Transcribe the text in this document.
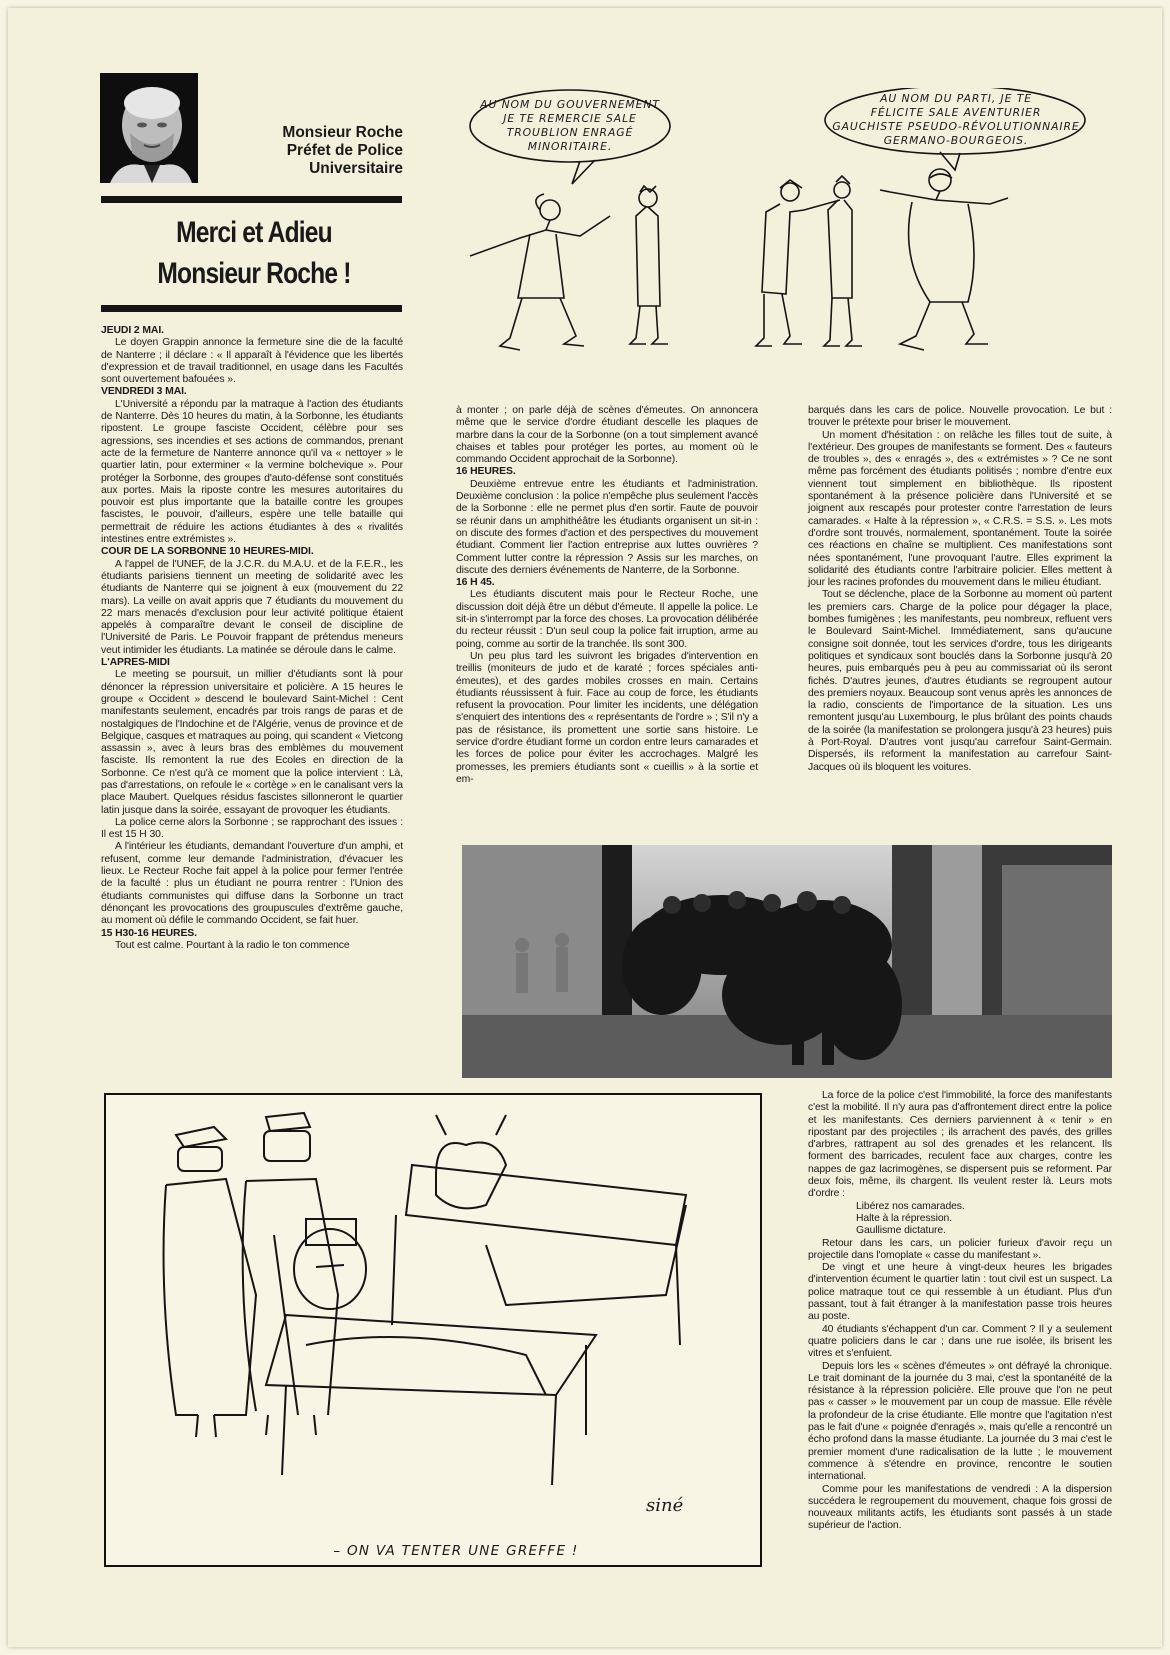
Monsieur Roche
Préfet de Police
Universitaire
Merci et Adieu
Monsieur Roche !

JEUDI 2 MAI.

Le doyen Grappin annonce la fermeture sine die de la faculté de Nanterre ; il déclare : « Il apparaît à l'évidence que les libertés d'expression et de travail traditionnel, en usage dans les Facultés sont ouvertement bafouées ».

VENDREDI 3 MAI.

L'Université a répondu par la matraque à l'action des étudiants de Nanterre. Dès 10 heures du matin, à la Sorbonne, les étudiants ripostent. Le groupe fasciste Occident, célèbre pour ses agressions, ses incendies et ses actions de commandos, prenant acte de la fermeture de Nanterre annonce qu'il va « nettoyer » le quartier latin, pour exterminer « la vermine bolchevique ». Pour protéger la Sorbonne, des groupes d'auto-défense sont constitués aux portes. Mais la riposte contre les mesures autoritaires du pouvoir est plus importante que la bataille contre les groupes fascistes, le pouvoir, d'ailleurs, espère une telle bataille qui permettrait de réduire les actions étudiantes à des « rivalités intestines entre extrémistes ».

COUR DE LA SORBONNE 10 HEURES-MIDI.

A l'appel de l'UNEF, de la J.C.R. du M.A.U. et de la F.E.R., les étudiants parisiens tiennent un meeting de solidarité avec les étudiants de Nanterre qui se joignent à eux (mouvement du 22 mars). La veille on avait appris que 7 étudiants du mouvement du 22 mars menacés d'exclusion pour leur activité politique étaient appelés à comparaître devant le conseil de discipline de l'Université de Paris. Le Pouvoir frappant de prétendus meneurs veut intimider les étudiants. La matinée se déroule dans le calme.

L'APRES-MIDI

Le meeting se poursuit, un millier d'étudiants sont là pour dénoncer la répression universitaire et policière. A 15 heures le groupe « Occident » descend le boulevard Saint-Michel : Cent manifestants seulement, encadrés par trois rangs de paras et de nostalgiques de l'Indochine et de l'Algérie, venus de province et de Belgique, casques et matraques au poing, qui scandent « Vietcong assassin », avec à leurs bras des emblèmes du mouvement fasciste. Ils remontent la rue des Ecoles en direction de la Sorbonne. Ce n'est qu'à ce moment que la police intervient : Là, pas d'arrestations, on refoule le « cortège » en le canalisant vers la place Maubert. Quelques résidus fascistes sillonneront le quartier latin jusque dans la soirée, essayant de provoquer les étudiants.

La police cerne alors la Sorbonne ; se rapprochant des issues : Il est 15 H 30.

A l'intérieur les étudiants, demandant l'ouverture d'un amphi, et refusent, comme leur demande l'administration, d'évacuer les lieux. Le Recteur Roche fait appel à la police pour fermer l'entrée de la faculté : plus un étudiant ne pourra rentrer : l'Union des étudiants communistes qui diffuse dans la Sorbonne un tract dénonçant les provocations des groupuscules d'extrême gauche, au moment où défile le commando Occident, se fait huer.

15 H30-16 HEURES.

Tout est calme. Pourtant à la radio le ton commence

à monter ; on parle déjà de scènes d'émeutes. On annoncera même que le service d'ordre étudiant descelle les plaques de marbre dans la cour de la Sorbonne (on a tout simplement avancé chaises et tables pour protéger les portes, au moment où le commando Occident approchait de la Sorbonne).

16 HEURES.

Deuxième entrevue entre les étudiants et l'administration. Deuxième conclusion : la police n'empêche plus seulement l'accès de la Sorbonne : elle ne permet plus d'en sortir. Faute de pouvoir se réunir dans un amphithéâtre les étudiants organisent un sit-in : on discute des formes d'action et des perspectives du mouvement étudiant. Comment lier l'action entreprise aux luttes ouvrières ? Comment lutter contre la répression ? Assis sur les marches, on discute des derniers événements de Nanterre, de la Sorbonne.

16 H 45.

Les étudiants discutent mais pour le Recteur Roche, une discussion doit déjà être un début d'émeute. Il appelle la police. Le sit-in s'interrompt par la force des choses. La provocation délibérée du recteur réussit : D'un seul coup la police fait irruption, arme au poing, comme au sortir de la tranchée. Ils sont 300.

Un peu plus tard les suivront les brigades d'intervention en treillis (moniteurs de judo et de karaté ; forces spéciales anti-émeutes), et des gardes mobiles crosses en main. Certains étudiants réussissent à fuir. Face au coup de force, les étudiants refusent la provocation. Pour limiter les incidents, une délégation s'enquiert des intentions des « représentants de l'ordre » ; S'il n'y a pas de résistance, ils promettent une sortie sans histoire. Le service d'ordre étudiant forme un cordon entre leurs camarades et les forces de police pour éviter les accrochages. Malgré les promesses, les premiers étudiants sont « cueillis » à la sortie et em-

barqués dans les cars de police. Nouvelle provocation. Le but : trouver le prétexte pour briser le mouvement.

Un moment d'hésitation : on relâche les filles tout de suite, à l'extérieur. Des groupes de manifestants se forment. Des « fauteurs de troubles », des « enragés », des « extrémistes » ? Ce ne sont même pas forcément des étudiants politisés ; nombre d'entre eux viennent tout simplement en bibliothèque. Ils ripostent spontanément à la présence policière dans l'Université et se joignent aux rescapés pour protester contre l'arrestation de leurs camarades. « Halte à la répression », « C.R.S. = S.S. ». Les mots d'ordre sont trouvés, normalement, spontanément. Toute la soirée ces réactions en chaîne se multiplient. Ces manifestations sont nées spontanément, l'une provoquant l'autre. Elles expriment la solidarité des étudiants contre l'arbitraire policier. Elles mettent à jour les racines profondes du mouvement dans le milieu étudiant.

Tout se déclenche, place de la Sorbonne au moment où partent les premiers cars. Charge de la police pour dégager la place, bombes fumigènes ; les manifestants, peu nombreux, refluent vers le Boulevard Saint-Michel. Immédiatement, sans qu'aucune consigne soit donnée, tout les services d'ordre, tous les dirigeants politiques et syndicaux sont bouclés dans la Sorbonne jusqu'à 20 heures, puis embarqués peu à peu au commissariat où ils seront fichés. D'autres jeunes, d'autres étudiants se regroupent autour des premiers noyaux. Beaucoup sont venus après les annonces de la radio, conscients de l'importance de la situation. Les uns remontent jusqu'au Luxembourg, le plus brûlant des points chauds de la soirée (la manifestation se prolongera jusqu'à 23 heures) puis à Port-Royal. D'autres vont jusqu'au carrefour Saint-Germain. Dispersés, ils reforment la manifestation au carrefour Saint-Jacques où ils bloquent les voitures.

La force de la police c'est l'immobilité, la force des manifestants c'est la mobilité. Il n'y aura pas d'affrontement direct entre la police et les manifestants. Ces derniers parviennent à « tenir » en ripostant par des projectiles ; ils arrachent des pavés, des grilles d'arbres, rattrapent au sol des grenades et les relancent. Ils forment des barricades, reculent face aux charges, contre les nappes de gaz lacrimogènes, se dispersent puis se reforment. Par deux fois, même, ils chargent. Ils veulent rester là. Leurs mots d'ordre :

Libérez nos camarades.

Halte à la répression.

Gaullisme dictature.

Retour dans les cars, un policier furieux d'avoir reçu un projectile dans l'omoplate « casse du manifestant ».

De vingt et une heure à vingt-deux heures les brigades d'intervention écument le quartier latin : tout civil est un suspect. La police matraque tout ce qui ressemble à un étudiant. Plus d'un passant, tout à fait étranger à la manifestation passe trois heures au poste.

40 étudiants s'échappent d'un car. Comment ? Il y a seulement quatre policiers dans le car ; dans une rue isolée, ils brisent les vitres et s'enfuient.

Depuis lors les « scènes d'émeutes » ont défrayé la chronique. Le trait dominant de la journée du 3 mai, c'est la spontanéité de la résistance à la répression policière. Elle prouve que l'on ne peut pas « casser » le mouvement par un coup de massue. Elle révèle la profondeur de la crise étudiante. Elle montre que l'agitation n'est pas le fait d'une « poignée d'enragés », mais qu'elle a rencontré un écho profond dans la masse étudiante. La journée du 3 mai c'est le premier moment d'une radicalisation de la lutte ; le mouvement commence à s'étendre en province, rencontre le soutien international.

Comme pour les manifestations de vendredi : A la dispersion succédera le regroupement du mouvement, chaque fois grossi de nouveaux militants actifs, les étudiants sont passés à un stade supérieur de l'action.

AU NOM DU GOUVERNEMENT
JE TE REMERCIE SALE
TROUBLION ENRAGÉ
MINORITAIRE.
AU NOM DU PARTI, JE TE
FÉLICITE SALE AVENTURIER
GAUCHISTE PSEUDO-RÉVOLUTIONNAIRE
GERMANO-BOURGEOIS.
siné
– ON VA TENTER UNE GREFFE !
